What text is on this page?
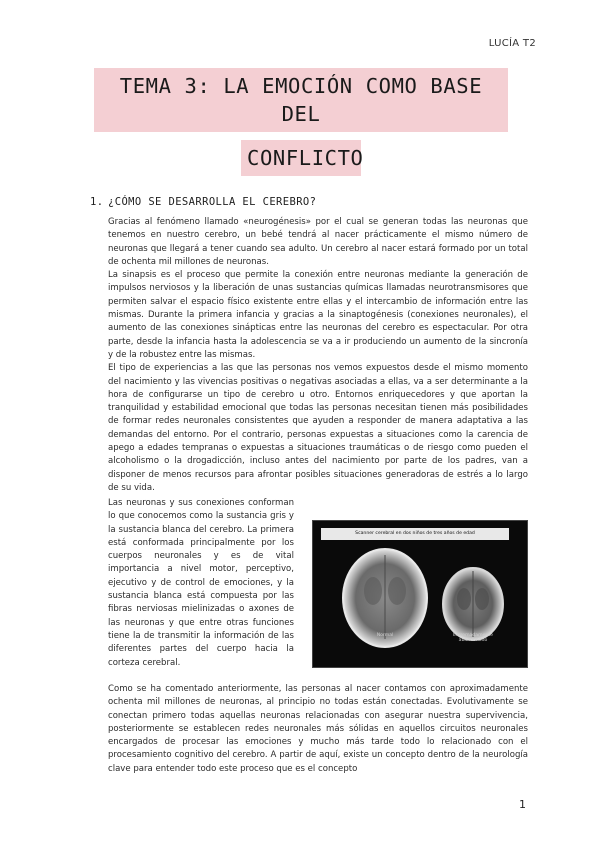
LUCÍA T2
TEMA 3: LA EMOCIÓN COMO BASE DEL
CONFLICTO
1. ¿CÓMO SE DESARROLLA EL CEREBRO?

Gracias al fenómeno llamado «neurogénesis» por el cual se generan todas las neuronas que tenemos en nuestro cerebro, un bebé tendrá al nacer prácticamente el mismo número de neuronas que llegará a tener cuando sea adulto. Un cerebro al nacer estará formado por un total de ochenta mil millones de neuronas.

La sinapsis es el proceso que permite la conexión entre neuronas mediante la generación de impulsos nerviosos y la liberación de unas sustancias químicas llamadas neurotransmisores que permiten salvar el espacio físico existente entre ellas y el intercambio de información entre las mismas. Durante la primera infancia y gracias a la sinaptogénesis (conexiones neuronales), el aumento de las conexiones sinápticas entre las neuronas del cerebro es espectacular. Por otra parte, desde la infancia hasta la adolescencia se va a ir produciendo un aumento de la sincronía y de la robustez entre las mismas.

El tipo de experiencias a las que las personas nos vemos expuestos desde el mismo momento del nacimiento y las vivencias positivas o negativas asociadas a ellas, va a ser determinante a la hora de configurarse un tipo de cerebro u otro. Entornos enriquecedores y que aportan la tranquilidad y estabilidad emocional que todas las personas necesitan tienen más posibilidades de formar redes neuronales consistentes que ayuden a responder de manera adaptativa a las demandas del entorno. Por el contrario, personas expuestas a situaciones como la carencia de apego a edades tempranas o expuestas a situaciones traumáticas o de riesgo como pueden el alcoholismo o la drogadicción, incluso antes del nacimiento por parte de los padres, van a disponer de menos recursos para afrontar posibles situaciones generadoras de estrés a lo largo de su vida.

Las neuronas y sus conexiones conforman lo que conocemos como la sustancia gris y la sustancia blanca del cerebro. La primera está conformada principalmente por los cuerpos neuronales y es de vital importancia a nivel motor, perceptivo, ejecutivo y de control de emociones, y la sustancia blanca está compuesta por las fibras nerviosas mielinizadas o axones de las neuronas y que entre otras funciones tiene la de transmitir la información de las diferentes partes del cuerpo hacia la corteza cerebral.

Scanner cerebral en dos niños de tres años de edad
Normal	Extremadamente abandonado

Como se ha comentado anteriormente, las personas al nacer contamos con aproximadamente ochenta mil millones de neuronas, al principio no todas están conectadas. Evolutivamente se conectan primero todas aquellas neuronas relacionadas con asegurar nuestra supervivencia, posteriormente se establecen redes neuronales más sólidas en aquellos circuitos neuronales encargados de procesar las emociones y mucho más tarde todo lo relacionado con el procesamiento cognitivo del cerebro. A partir de aquí, existe un concepto dentro de la neurología clave para entender todo este proceso que es el concepto

1
